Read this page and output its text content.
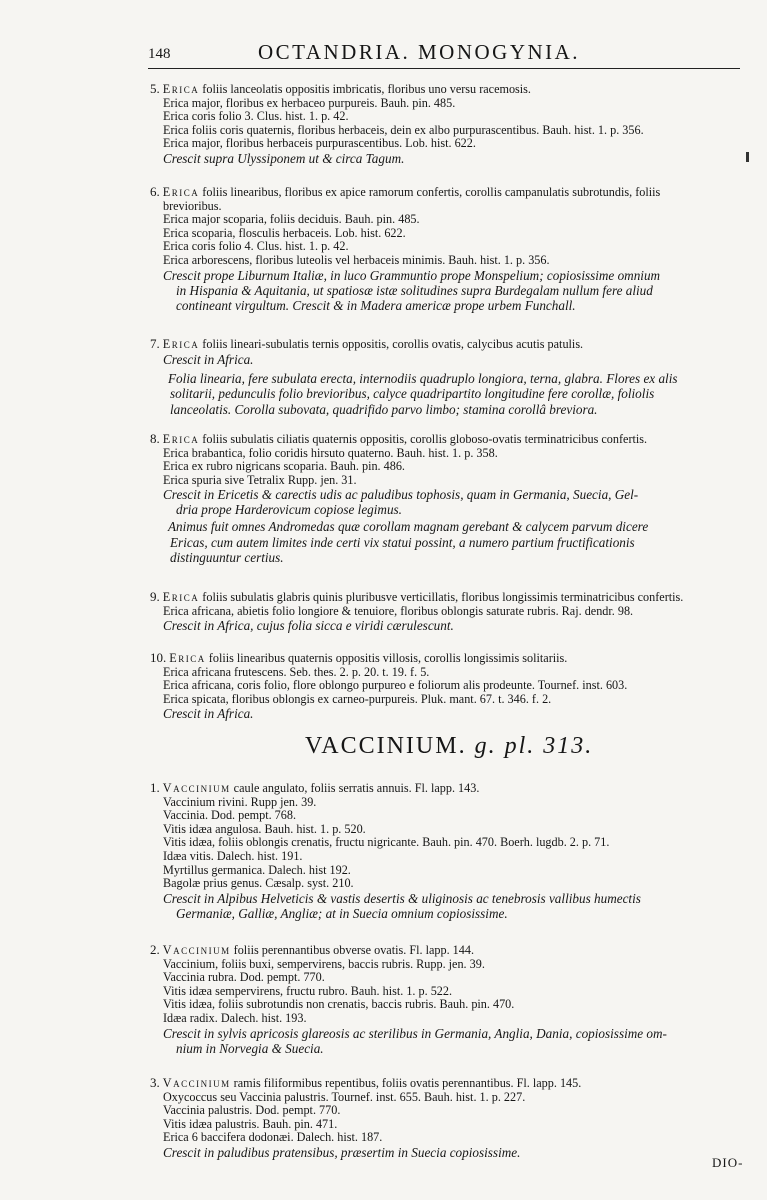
148	OCTANDRIA. MONOGYNIA.
5. Erica foliis lanceolatis oppositis imbricatis, floribus uno versu racemosis.
Erica major, floribus ex herbaceo purpureis. Bauh. pin. 485.
Erica coris folio 3. Clus. hist. 1. p. 42.
Erica foliis coris quaternis, floribus herbaceis, dein ex albo purpurascentibus. Bauh. hist. 1. p. 356.
Erica major, floribus herbaceis purpurascentibus. Lob. hist. 622.
Crescit supra Ulyssiponem ut & circa Tagum.
6. Erica foliis linearibus, floribus ex apice ramorum confertis, corollis campanulatis subrotundis, foliis
brevioribus.
Erica major scoparia, foliis deciduis. Bauh. pin. 485.
Erica scoparia, flosculis herbaceis. Lob. hist. 622.
Erica coris folio 4. Clus. hist. 1. p. 42.
Erica arborescens, floribus luteolis vel herbaceis minimis. Bauh. hist. 1. p. 356.
Crescit prope Liburnum Italiæ, in luco Grammuntio prope Monspelium; copiosissime omnium
in Hispania & Aquitania, ut spatiosæ istæ solitudines supra Burdegalam nullum fere aliud
contineant virgultum. Crescit & in Madera americæ prope urbem Funchall.
7. Erica foliis lineari-subulatis ternis oppositis, corollis ovatis, calycibus acutis patulis.
Crescit in Africa.
Folia linearia, fere subulata erecta, internodiis quadruplo longiora, terna, glabra. Flores ex alis
solitarii, pedunculis folio brevioribus, calyce quadripartito longitudine fere corollæ, foliolis
lanceolatis. Corolla subovata, quadrifido parvo limbo; stamina corollâ breviora.
8. Erica foliis subulatis ciliatis quaternis oppositis, corollis globoso-ovatis terminatricibus confertis.
Erica brabantica, folio coridis hirsuto quaterno. Bauh. hist. 1. p. 358.
Erica ex rubro nigricans scoparia. Bauh. pin. 486.
Erica spuria sive Tetralix Rupp. jen. 31.
Crescit in Ericetis & carectis udis ac paludibus tophosis, quam in Germania, Suecia, Gel-
dria prope Harderovicum copiose legimus.
Animus fuit omnes Andromedas quæ corollam magnam gerebant & calycem parvum dicere
Ericas, cum autem limites inde certi vix statui possint, a numero partium fructificationis
distinguuntur certius.
9. Erica foliis subulatis glabris quinis pluribusve verticillatis, floribus longissimis terminatricibus confertis.
Erica africana, abietis folio longiore & tenuiore, floribus oblongis saturate rubris. Raj. dendr. 98.
Crescit in Africa, cujus folia sicca e viridi cærulescunt.
10. Erica foliis linearibus quaternis oppositis villosis, corollis longissimis solitariis.
Erica africana frutescens. Seb. thes. 2. p. 20. t. 19. f. 5.
Erica africana, coris folio, flore oblongo purpureo e foliorum alis prodeunte. Tournef. inst. 603.
Erica spicata, floribus oblongis ex carneo-purpureis. Pluk. mant. 67. t. 346. f. 2.
Crescit in Africa.
VACCINIUM. g. pl. 313.
1. Vaccinium caule angulato, foliis serratis annuis. Fl. lapp. 143.
Vaccinium rivini. Rupp jen. 39.
Vaccinia. Dod. pempt. 768.
Vitis idæa angulosa. Bauh. hist. 1. p. 520.
Vitis idæa, foliis oblongis crenatis, fructu nigricante. Bauh. pin. 470. Boerh. lugdb. 2. p. 71.
Idæa vitis. Dalech. hist. 191.
Myrtillus germanica. Dalech. hist 192.
Bagolæ prius genus. Cæsalp. syst. 210.
Crescit in Alpibus Helveticis & vastis desertis & uliginosis ac tenebrosis vallibus humectis
Germaniæ, Galliæ, Angliæ; at in Suecia omnium copiosissime.
2. Vaccinium foliis perennantibus obverse ovatis. Fl. lapp. 144.
Vaccinium, foliis buxi, sempervirens, baccis rubris. Rupp. jen. 39.
Vaccinia rubra. Dod. pempt. 770.
Vitis idæa sempervirens, fructu rubro. Bauh. hist. 1. p. 522.
Vitis idæa, foliis subrotundis non crenatis, baccis rubris. Bauh. pin. 470.
Idæa radix. Dalech. hist. 193.
Crescit in sylvis apricosis glareosis ac sterilibus in Germania, Anglia, Dania, copiosissime om-
nium in Norvegia & Suecia.
3. Vaccinium ramis filiformibus repentibus, foliis ovatis perennantibus. Fl. lapp. 145.
Oxycoccus seu Vaccinia palustris. Tournef. inst. 655. Bauh. hist. 1. p. 227.
Vaccinia palustris. Dod. pempt. 770.
Vitis idæa palustris. Bauh. pin. 471.
Erica 6 baccifera dodonæi. Dalech. hist. 187.
Crescit in paludibus pratensibus, præsertim in Suecia copiosissime.
DIO-
